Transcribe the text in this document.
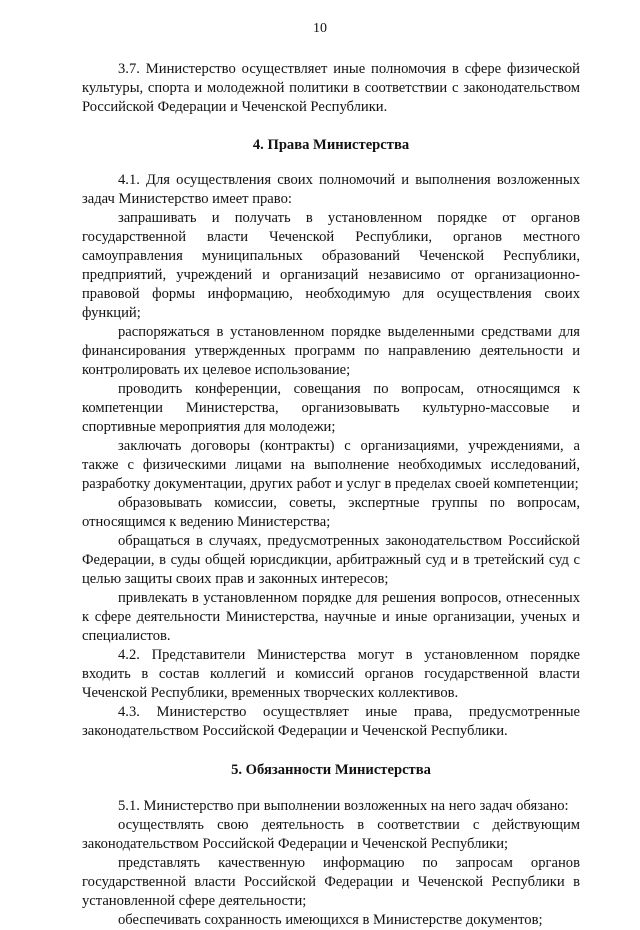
10

3.7. Министерство осуществляет иные полномочия в сфере физической культуры, спорта и молодежной политики в соответствии с законодательством Российской Федерации и Чеченской Республики.

4. Права Министерства

4.1. Для осуществления своих полномочий и выполнения возложенных задач Министерство имеет право:

запрашивать и получать в установленном порядке от органов государственной власти Чеченской Республики, органов местного самоуправления муниципальных образований Чеченской Республики, предприятий, учреждений и организаций независимо от организационно-правовой формы информацию, необходимую для осуществления своих функций;

распоряжаться в установленном порядке выделенными средствами для финансирования утвержденных программ по направлению деятельности и контролировать их целевое использование;

проводить конференции, совещания по вопросам, относящимся к компетенции Министерства, организовывать культурно-массовые и спортивные мероприятия для молодежи;

заключать договоры (контракты) с организациями, учреждениями, а также с физическими лицами на выполнение необходимых исследований, разработку документации, других работ и услуг в пределах своей компетенции;

образовывать комиссии, советы, экспертные группы по вопросам, относящимся к ведению Министерства;

обращаться в случаях, предусмотренных законодательством Российской Федерации, в суды общей юрисдикции, арбитражный суд и в третейский суд с целью защиты своих прав и законных интересов;

привлекать в установленном порядке для решения вопросов, отнесенных к сфере деятельности Министерства, научные и иные организации, ученых и специалистов.

4.2. Представители Министерства могут в установленном порядке входить в состав коллегий и комиссий органов государственной власти Чеченской Республики, временных творческих коллективов.

4.3. Министерство осуществляет иные права, предусмотренные законодательством Российской Федерации и Чеченской Республики.

5. Обязанности Министерства

5.1. Министерство при выполнении возложенных на него задач обязано:

осуществлять свою деятельность в соответствии с действующим законодательством Российской Федерации и Чеченской Республики;

представлять качественную информацию по запросам органов государственной власти Российской Федерации и Чеченской Республики в установленной сфере деятельности;

обеспечивать сохранность имеющихся в Министерстве документов;
